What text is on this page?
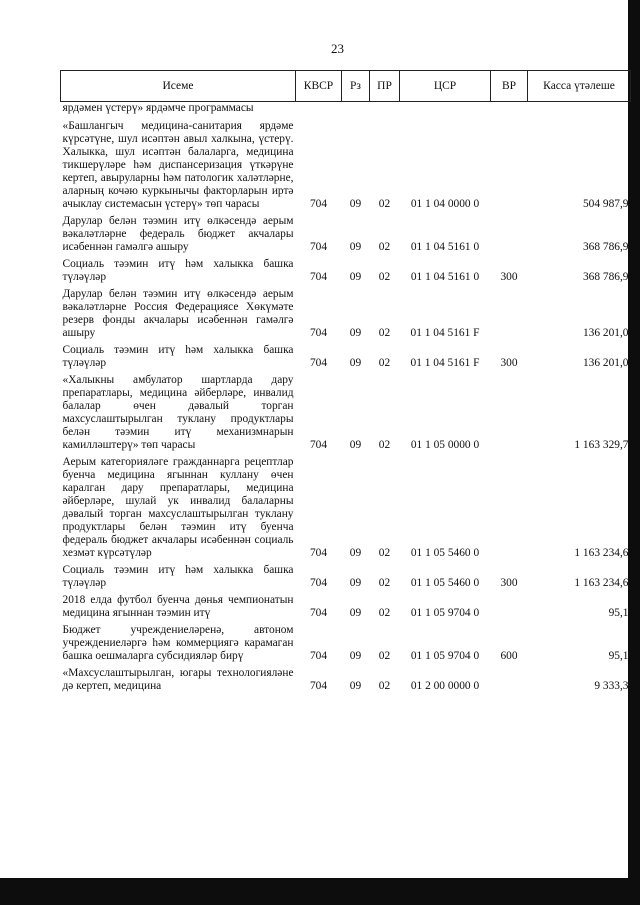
23
Исеме	КВСР	Рз	ПР	ЦСР	ВР	Касса үтәлеше
ярдәмен үстерү» ярдәмче программасы						
«Башлангыч медицина-санитария ярдәме күрсәтүне, шул исәптән авыл халкына, үстерү. Халыкка, шул исәптән балаларга, медицина тикшерүләре һәм диспансеризация үткәрүне кертеп, авыруларны һәм патологик халәтләрне, аларның кочәю куркынычы факторларын иртә ачыклау системасын үстерү» төп чарасы	704	09	02	01 1 04 0000 0		504 987,9
Дарулар белән тәэмин итү өлкәсендә аерым вәкаләтләрне федераль бюджет акчалары исәбеннән гамәлгә ашыру	704	09	02	01 1 04 5161 0		368 786,9
Социаль тәэмин итү һәм халыкка башка түләүләр	704	09	02	01 1 04 5161 0	300	368 786,9
Дарулар белән тәэмин итү өлкәсендә аерым вәкаләтләрне Россия Федерациясе Хөкүмәте резерв фонды акчалары исәбеннән гамәлгә ашыру	704	09	02	01 1 04 5161 F		136 201,0
Социаль тәэмин итү һәм халыкка башка түләүләр	704	09	02	01 1 04 5161 F	300	136 201,0
«Халыкны амбулатор шартларда дару препаратлары, медицина әйберләре, инвалид балалар өчен дәвалый торган махсуслаштырылган туклану продуктлары белән тәэмин итү механизмнарын камилләштерү» төп чарасы	704	09	02	01 1 05 0000 0		1 163 329,7
Аерым категорияләге гражданнарга рецептлар буенча медицина ягыннан куллану өчен каралган дару препаратлары, медицина әйберләре, шулай ук инвалид балаларны дәвалый торган махсуслаштырылган туклану продуктлары белән тәэмин итү буенча федераль бюджет акчалары исәбеннән социаль хезмәт күрсәтүләр	704	09	02	01 1 05 5460 0		1 163 234,6
Социаль тәэмин итү һәм халыкка башка түләүләр	704	09	02	01 1 05 5460 0	300	1 163 234,6
2018 елда футбол буенча дөнья чемпионатын медицина ягыннан тәэмин итү	704	09	02	01 1 05 9704 0		95,1
Бюджет учреждениеләренә, автоном учреждениеләргә һәм коммерциягә карамаган башка оешмаларга субсидияләр бирү	704	09	02	01 1 05 9704 0	600	95,1
«Махсуслаштырылган, югары технологияләне дә кертеп, медицина	704	09	02	01 2 00 0000 0		9 333,3
